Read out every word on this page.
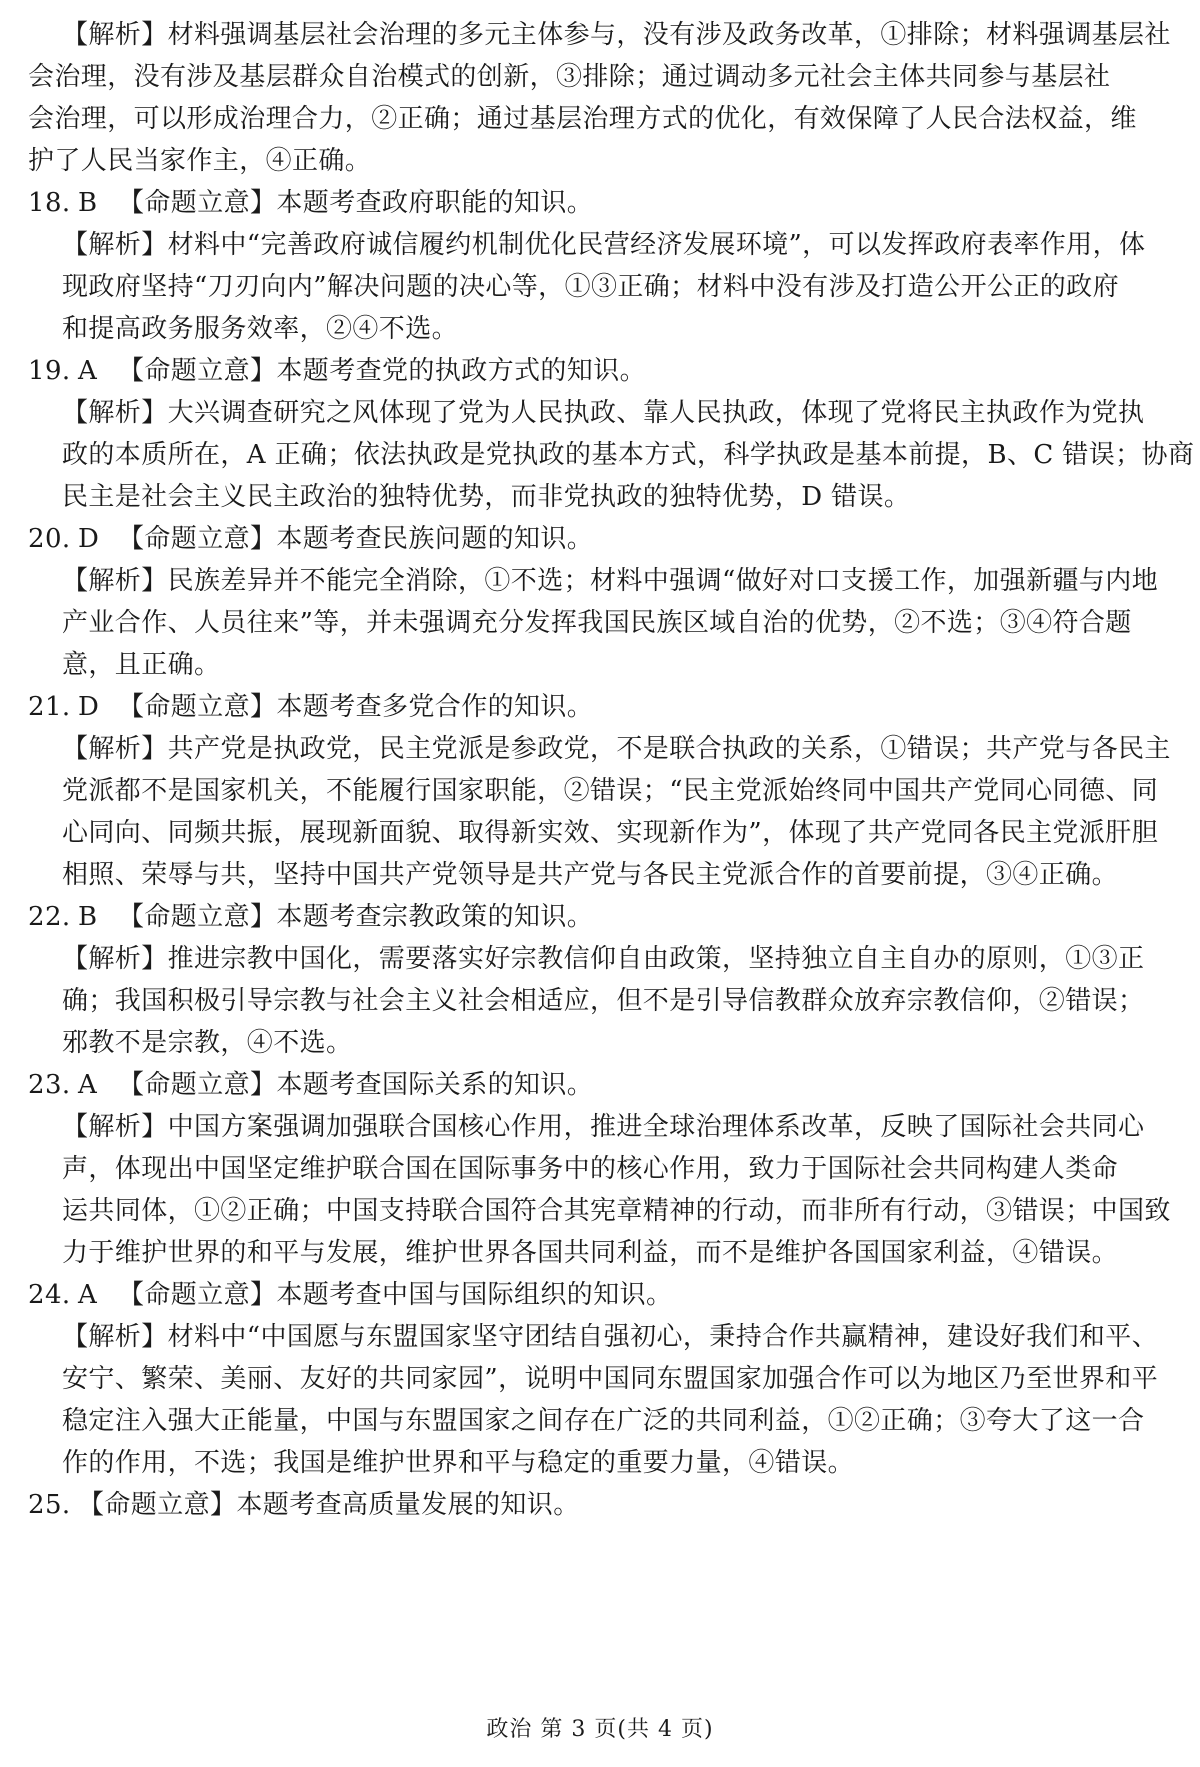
【解析】材料强调基层社会治理的多元主体参与，没有涉及政务改革，①排除；材料强调基层社
会治理，没有涉及基层群众自治模式的创新，③排除；通过调动多元社会主体共同参与基层社
会治理，可以形成治理合力，②正确；通过基层治理方式的优化，有效保障了人民合法权益，维
护了人民当家作主，④正确。
18. B 【命题立意】本题考查政府职能的知识。
【解析】材料中“完善政府诚信履约机制优化民营经济发展环境”，可以发挥政府表率作用，体
现政府坚持“刀刃向内”解决问题的决心等，①③正确；材料中没有涉及打造公开公正的政府
和提高政务服务效率，②④不选。
19. A 【命题立意】本题考查党的执政方式的知识。
【解析】大兴调查研究之风体现了党为人民执政、靠人民执政，体现了党将民主执政作为党执
政的本质所在，A 正确；依法执政是党执政的基本方式，科学执政是基本前提，B、C 错误；协商
民主是社会主义民主政治的独特优势，而非党执政的独特优势，D 错误。
20. D 【命题立意】本题考查民族问题的知识。
【解析】民族差异并不能完全消除，①不选；材料中强调“做好对口支援工作，加强新疆与内地
产业合作、人员往来”等，并未强调充分发挥我国民族区域自治的优势，②不选；③④符合题
意，且正确。
21. D 【命题立意】本题考查多党合作的知识。
【解析】共产党是执政党，民主党派是参政党，不是联合执政的关系，①错误；共产党与各民主
党派都不是国家机关，不能履行国家职能，②错误；“民主党派始终同中国共产党同心同德、同
心同向、同频共振，展现新面貌、取得新实效、实现新作为”，体现了共产党同各民主党派肝胆
相照、荣辱与共，坚持中国共产党领导是共产党与各民主党派合作的首要前提，③④正确。
22. B 【命题立意】本题考查宗教政策的知识。
【解析】推进宗教中国化，需要落实好宗教信仰自由政策，坚持独立自主自办的原则，①③正
确；我国积极引导宗教与社会主义社会相适应，但不是引导信教群众放弃宗教信仰，②错误；
邪教不是宗教，④不选。
23. A 【命题立意】本题考查国际关系的知识。
【解析】中国方案强调加强联合国核心作用，推进全球治理体系改革，反映了国际社会共同心
声，体现出中国坚定维护联合国在国际事务中的核心作用，致力于国际社会共同构建人类命
运共同体，①②正确；中国支持联合国符合其宪章精神的行动，而非所有行动，③错误；中国致
力于维护世界的和平与发展，维护世界各国共同利益，而不是维护各国国家利益，④错误。
24. A 【命题立意】本题考查中国与国际组织的知识。
【解析】材料中“中国愿与东盟国家坚守团结自强初心，秉持合作共赢精神，建设好我们和平、
安宁、繁荣、美丽、友好的共同家园”，说明中国同东盟国家加强合作可以为地区乃至世界和平
稳定注入强大正能量，中国与东盟国家之间存在广泛的共同利益，①②正确；③夸大了这一合
作的作用，不选；我国是维护世界和平与稳定的重要力量，④错误。
25. 【命题立意】本题考查高质量发展的知识。
政治 第 3 页(共 4 页)
